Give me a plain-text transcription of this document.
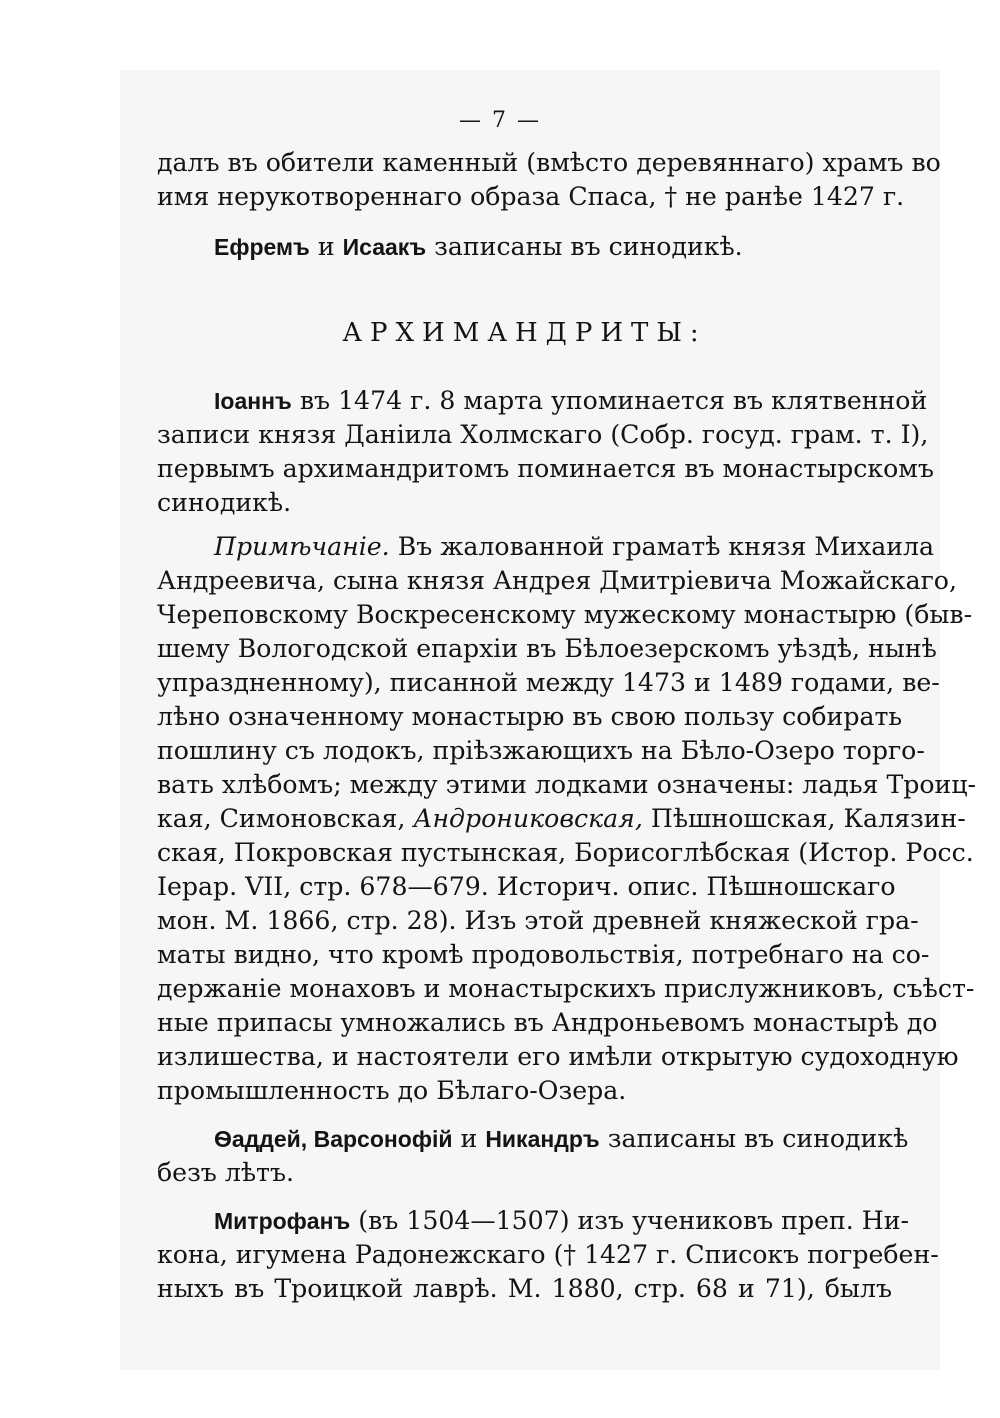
— 7 —
далъ въ обители каменный (вмѣсто деревяннаго) храмъ во
имя нерукотвореннаго образа Спаса, † не ранѣе 1427 г.
Ефремъ и Исаакъ записаны въ синодикѣ.
АРХИМАНДРИТЫ:
Іоаннъ въ 1474 г. 8 марта упоминается въ клятвенной
записи князя Даніила Холмскаго (Собр. госуд. грам. т. I),
первымъ архимандритомъ поминается въ монастырскомъ
синодикѣ.
Примѣчаніе. Въ жалованной граматѣ князя Михаила
Андреевича, сына князя Андрея Дмитріевича Можайскаго,
Череповскому Воскресенскому мужескому монастырю (быв-
шему Вологодской епархіи въ Бѣлоезерскомъ уѣздѣ, нынѣ
упраздненному), писанной между 1473 и 1489 годами, ве-
лѣно означенному монастырю въ свою пользу собирать
пошлину съ лодокъ, пріѣзжающихъ на Бѣло-Озеро торго-
вать хлѣбомъ; между этими лодками означены: ладья Троиц-
кая, Симоновская, Андрониковская, Пѣшношская, Калязин-
ская, Покровская пустынская, Борисоглѣбская (Истор. Росс.
Іерар. VII, стр. 678—679. Историч. опис. Пѣшношскаго
мон. М. 1866, стр. 28). Изъ этой древней княжеской гра-
маты видно, что кромѣ продовольствія, потребнаго на со-
держаніе монаховъ и монастырскихъ прислужниковъ, съѣст-
ные припасы умножались въ Андроньевомъ монастырѣ до
излишества, и настоятели его имѣли открытую судоходную
промышленность до Бѣлаго-Озера.
Ѳаддей, Варсонофій и Никандръ записаны въ синодикѣ
безъ лѣтъ.
Митрофанъ (въ 1504—1507) изъ учениковъ преп. Ни-
кона, игумена Радонежскаго († 1427 г. Списокъ погребен-
ныхъ въ Троицкой лаврѣ. М. 1880, стр. 68 и 71), былъ
